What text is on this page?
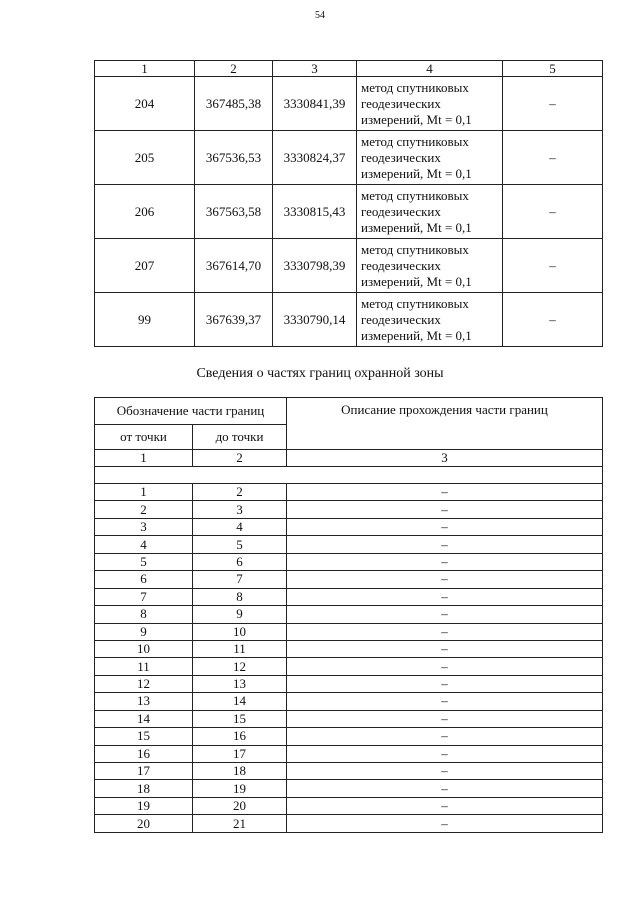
54
1	2	3	4	5
204	367485,38	3330841,39	метод спутниковых геодезических измерений, Mt = 0,1	–
205	367536,53	3330824,37	метод спутниковых геодезических измерений, Mt = 0,1	–
206	367563,58	3330815,43	метод спутниковых геодезических измерений, Mt = 0,1	–
207	367614,70	3330798,39	метод спутниковых геодезических измерений, Mt = 0,1	–
99	367639,37	3330790,14	метод спутниковых геодезических измерений, Mt = 0,1	–
Сведения о частях границ охранной зоны
Обозначение части границ		Описание прохождения части границ
от точки	до точки	
1	2	3

1	2	–
2	3	–
3	4	–
4	5	–
5	6	–
6	7	–
7	8	–
8	9	–
9	10	–
10	11	–
11	12	–
12	13	–
13	14	–
14	15	–
15	16	–
16	17	–
17	18	–
18	19	–
19	20	–
20	21	–
